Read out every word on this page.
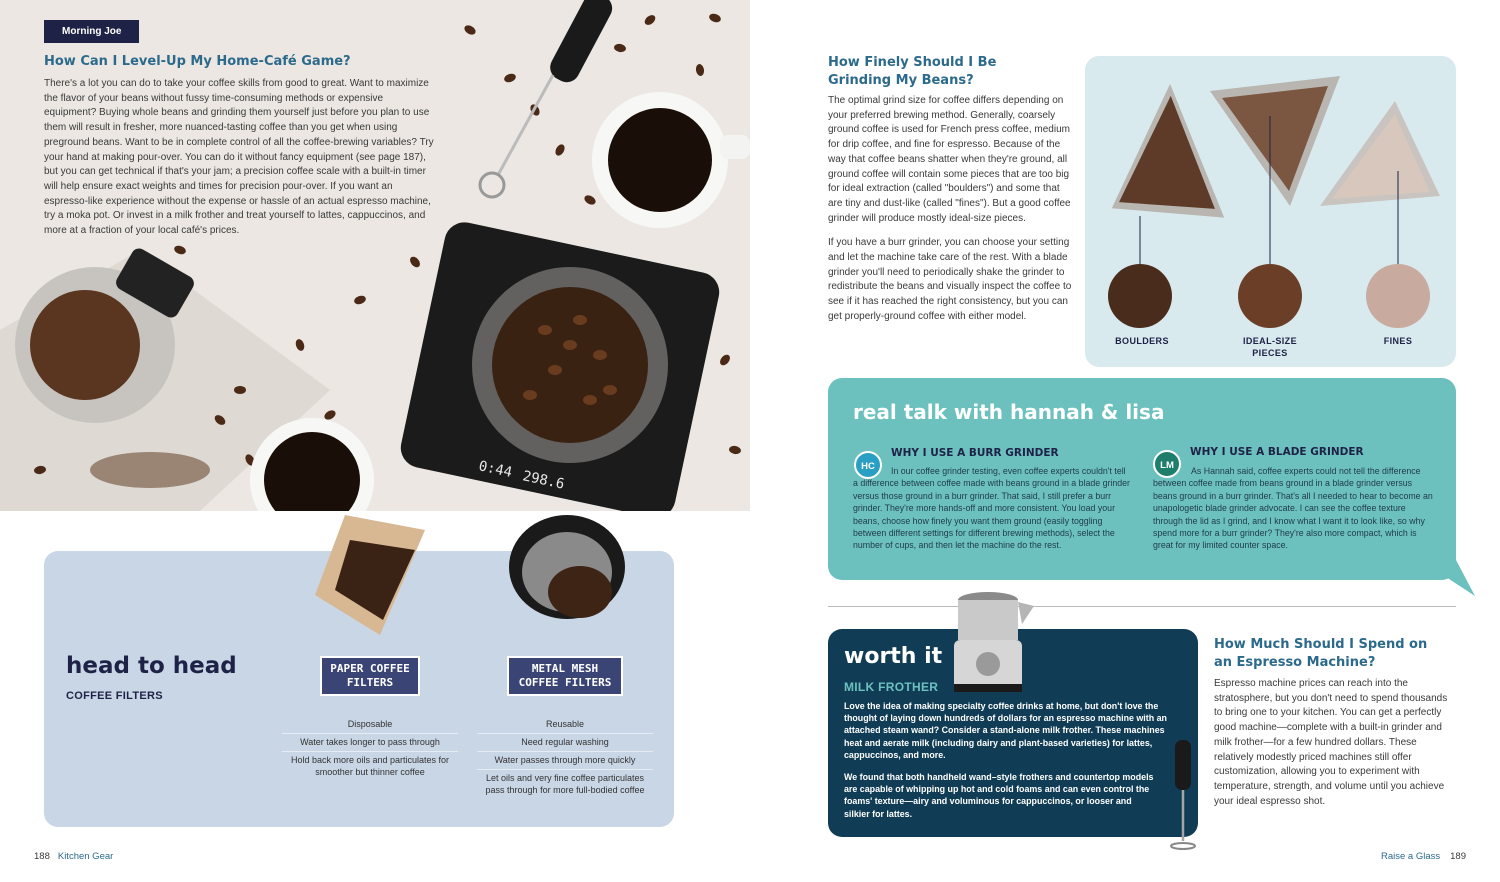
0:44 298.6
Morning Joe
How Can I Level-Up My Home-Café Game?
There's a lot you can do to take your coffee skills from good to great. Want to maximize the flavor of your beans without fussy time-consuming methods or expensive equipment? Buying whole beans and grinding them yourself just before you plan to use them will result in fresher, more nuanced-tasting coffee than you get when using preground beans. Want to be in complete control of all the coffee-brewing variables? Try your hand at making pour-over. You can do it without fancy equipment (see page 187), but you can get technical if that's your jam; a precision coffee scale with a built-in timer will help ensure exact weights and times for precision pour-over. If you want an espresso-like experience without the expense or hassle of an actual espresso machine, try a moka pot. Or invest in a milk frother and treat yourself to lattes, cappuccinos, and more at a fraction of your local café's prices.
head to head
COFFEE FILTERS
PAPER COFFEE
FILTERS
METAL MESH
COFFEE FILTERS
Disposable
Water takes longer to pass through
Hold back more oils and particulates for smoother but thinner coffee
Reusable
Need regular washing
Water passes through more quickly
Let oils and very fine coffee particulates pass through for more full-bodied coffee
188 Kitchen Gear
How Finely Should I Be Grinding My Beans?

The optimal grind size for coffee differs depending on your preferred brewing method. Generally, coarsely ground coffee is used for French press coffee, medium for drip coffee, and fine for espresso. Because of the way that coffee beans shatter when they're ground, all ground coffee will contain some pieces that are too big for ideal extraction (called "boulders") and some that are tiny and dust-like (called "fines"). But a good coffee grinder will produce mostly ideal-size pieces.

If you have a burr grinder, you can choose your setting and let the machine take care of the rest. With a blade grinder you'll need to periodically shake the grinder to redistribute the beans and visually inspect the coffee to see if it has reached the right consistency, but you can get properly-ground coffee with either model.

BOULDERS	IDEAL-SIZE
PIECES
FINES
real talk with hannah & lisa
HC
WHY I USE A BURR GRINDER
In our coffee grinder testing, even coffee experts couldn't tell a difference between coffee made with beans ground in a blade grinder versus those ground in a burr grinder. That said, I still prefer a burr grinder. They're more hands-off and more consistent. You load your beans, choose how finely you want them ground (easily toggling between different settings for different brewing methods), select the number of cups, and then let the machine do the rest.
LM
WHY I USE A BLADE GRINDER
As Hannah said, coffee experts could not tell the difference between coffee made from beans ground in a blade grinder versus beans ground in a burr grinder. That's all I needed to hear to become an unapologetic blade grinder advocate. I can see the coffee texture through the lid as I grind, and I know what I want it to look like, so why spend more for a burr grinder? They're also more compact, which is great for my limited counter space.
worth it
MILK FROTHER

Love the idea of making specialty coffee drinks at home, but don't love the thought of laying down hundreds of dollars for an espresso machine with an attached steam wand? Consider a stand-alone milk frother. These machines heat and aerate milk (including dairy and plant-based varieties) for lattes, cappuccinos, and more.

We found that both handheld wand–style frothers and countertop models are capable of whipping up hot and cold foams and can even control the foams' texture—airy and voluminous for cappuccinos, or looser and silkier for lattes.

How Much Should I Spend on an Espresso Machine?
Espresso machine prices can reach into the stratosphere, but you don't need to spend thousands to bring one to your kitchen. You can get a perfectly good machine—complete with a built-in grinder and milk frother—for a few hundred dollars. These relatively modestly priced machines still offer customization, allowing you to experiment with temperature, strength, and volume until you achieve your ideal espresso shot.
Raise a Glass 189
